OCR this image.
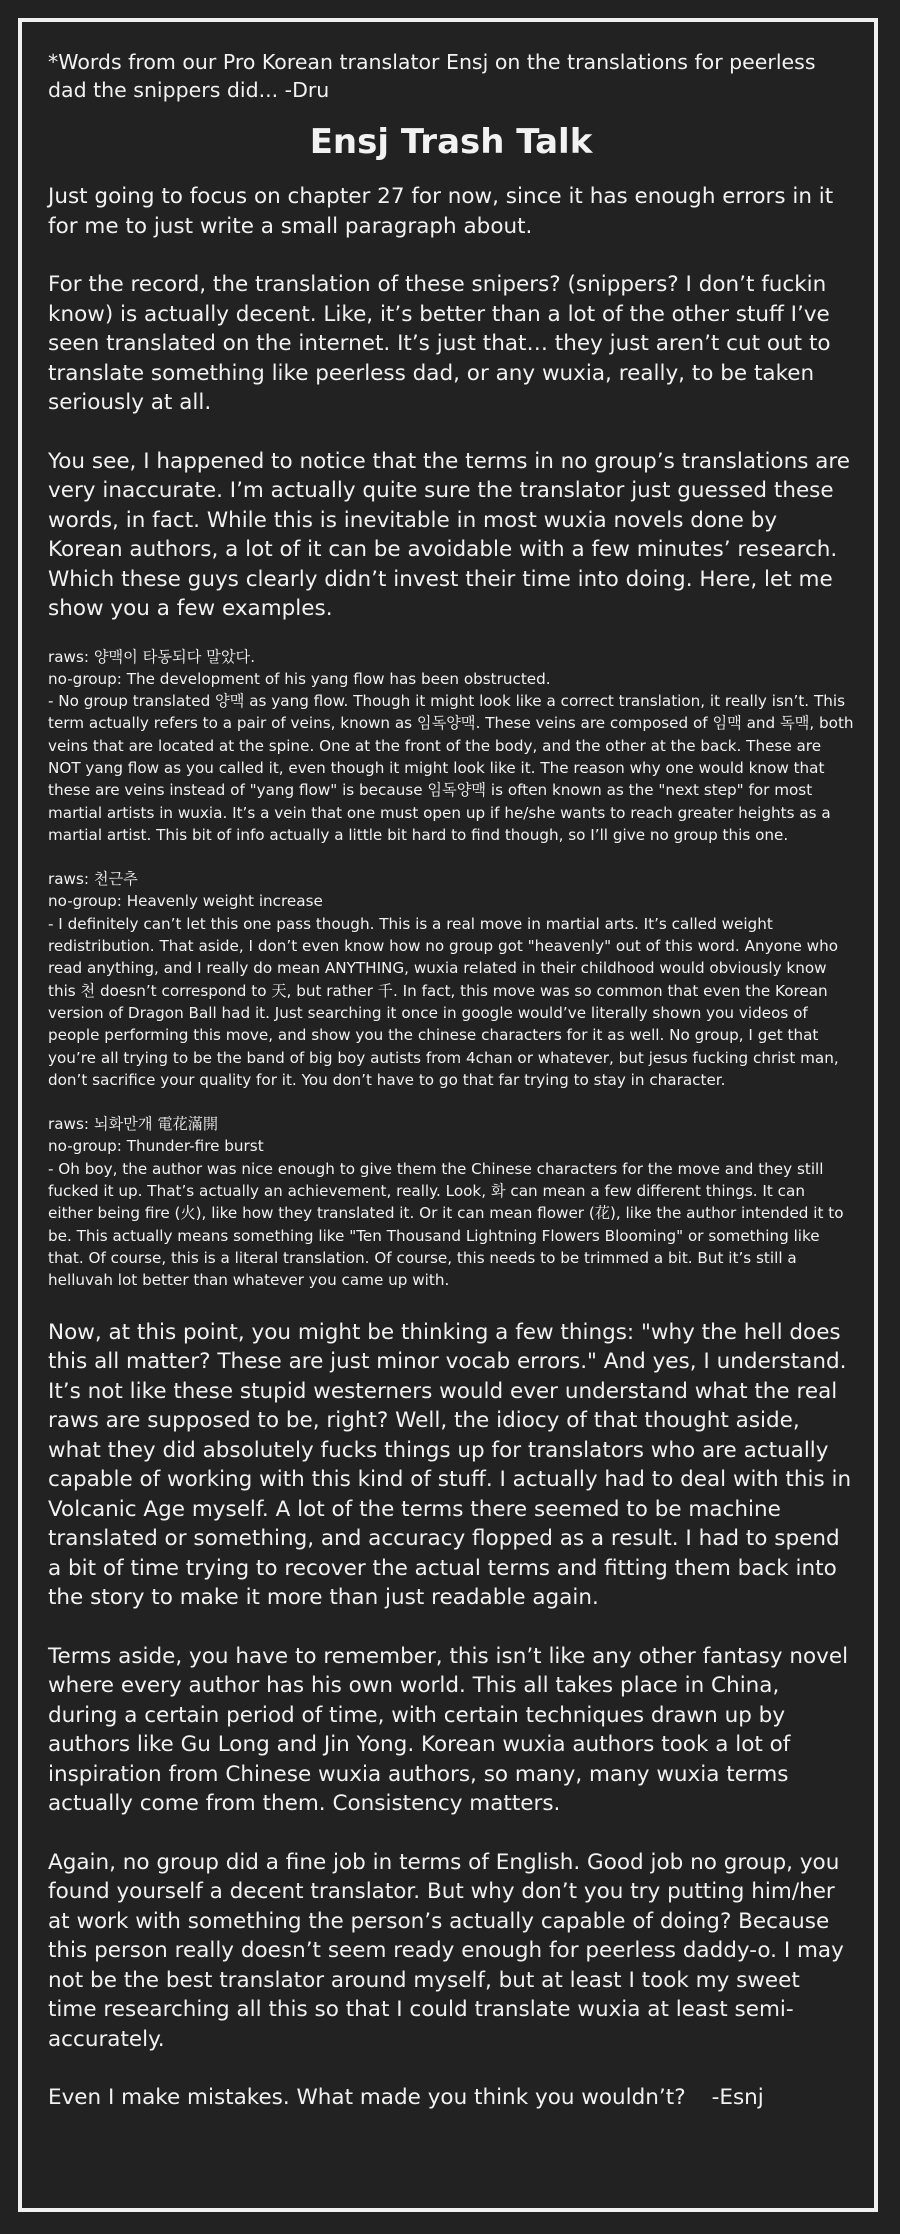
*Words from our Pro Korean translator Ensj on the translations for peerless dad the snippers did... -Dru

Ensj Trash Talk

Just going to focus on chapter 27 for now, since it has enough errors in it for me to just write a small paragraph about.

For the record, the translation of these snipers? (snippers? I don’t fuckin know) is actually decent. Like, it’s better than a lot of the other stuff I’ve seen translated on the internet. It’s just that… they just aren’t cut out to translate something like peerless dad, or any wuxia, really, to be taken seriously at all.

You see, I happened to notice that the terms in no group’s translations are very inaccurate. I’m actually quite sure the translator just guessed these words, in fact. While this is inevitable in most wuxia novels done by Korean authors, a lot of it can be avoidable with a few minutes’ research. Which these guys clearly didn’t invest their time into doing. Here, let me show you a few examples.

raws: 양맥이 타동되다 말았다.
no-group: The development of his yang flow has been obstructed.
- No group translated 양맥 as yang flow. Though it might look like a correct translation, it really isn’t. This term actually refers to a pair of veins, known as 임독양맥. These veins are composed of 임맥 and 독맥, both veins that are located at the spine. One at the front of the body, and the other at the back. These are NOT yang flow as you called it, even though it might look like it. The reason why one would know that these are veins instead of "yang flow" is because 임독양맥 is often known as the "next step" for most martial artists in wuxia. It’s a vein that one must open up if he/she wants to reach greater heights as a martial artist. This bit of info actually a little bit hard to find though, so I’ll give no group this one.
raws: 천근추
no-group: Heavenly weight increase
- I definitely can’t let this one pass though. This is a real move in martial arts. It’s called weight redistribution. That aside, I don’t even know how no group got "heavenly" out of this word. Anyone who read anything, and I really do mean ANYTHING, wuxia related in their childhood would obviously know this 천 doesn’t correspond to 天, but rather 千. In fact, this move was so common that even the Korean version of Dragon Ball had it. Just searching it once in google would’ve literally shown you videos of people performing this move, and show you the chinese characters for it as well. No group, I get that you’re all trying to be the band of big boy autists from 4chan or whatever, but jesus fucking christ man, don’t sacrifice your quality for it. You don’t have to go that far trying to stay in character.
raws: 뇌화만개 電花滿開
no-group: Thunder-fire burst
- Oh boy, the author was nice enough to give them the Chinese characters for the move and they still fucked it up. That’s actually an achievement, really. Look, 화 can mean a few different things. It can either being fire (火), like how they translated it. Or it can mean flower (花), like the author intended it to be. This actually means something like "Ten Thousand Lightning Flowers Blooming" or something like that. Of course, this is a literal translation. Of course, this needs to be trimmed a bit. But it’s still a helluvah lot better than whatever you came up with.

Now, at this point, you might be thinking a few things: "why the hell does this all matter? These are just minor vocab errors." And yes, I understand. It’s not like these stupid westerners would ever understand what the real raws are supposed to be, right? Well, the idiocy of that thought aside, what they did absolutely fucks things up for translators who are actually capable of working with this kind of stuff. I actually had to deal with this in Volcanic Age myself. A lot of the terms there seemed to be machine translated or something, and accuracy flopped as a result. I had to spend a bit of time trying to recover the actual terms and fitting them back into the story to make it more than just readable again.

Terms aside, you have to remember, this isn’t like any other fantasy novel where every author has his own world. This all takes place in China, during a certain period of time, with certain techniques drawn up by authors like Gu Long and Jin Yong. Korean wuxia authors took a lot of inspiration from Chinese wuxia authors, so many, many wuxia terms actually come from them. Consistency matters.

Again, no group did a fine job in terms of English. Good job no group, you found yourself a decent translator. But why don’t you try putting him/her at work with something the person’s actually capable of doing? Because this person really doesn’t seem ready enough for peerless daddy-o. I may not be the best translator around myself, but at least I took my sweet time researching all this so that I could translate wuxia at least semi-accurately.

Even I make mistakes. What made you think you wouldn’t? -Esnj
